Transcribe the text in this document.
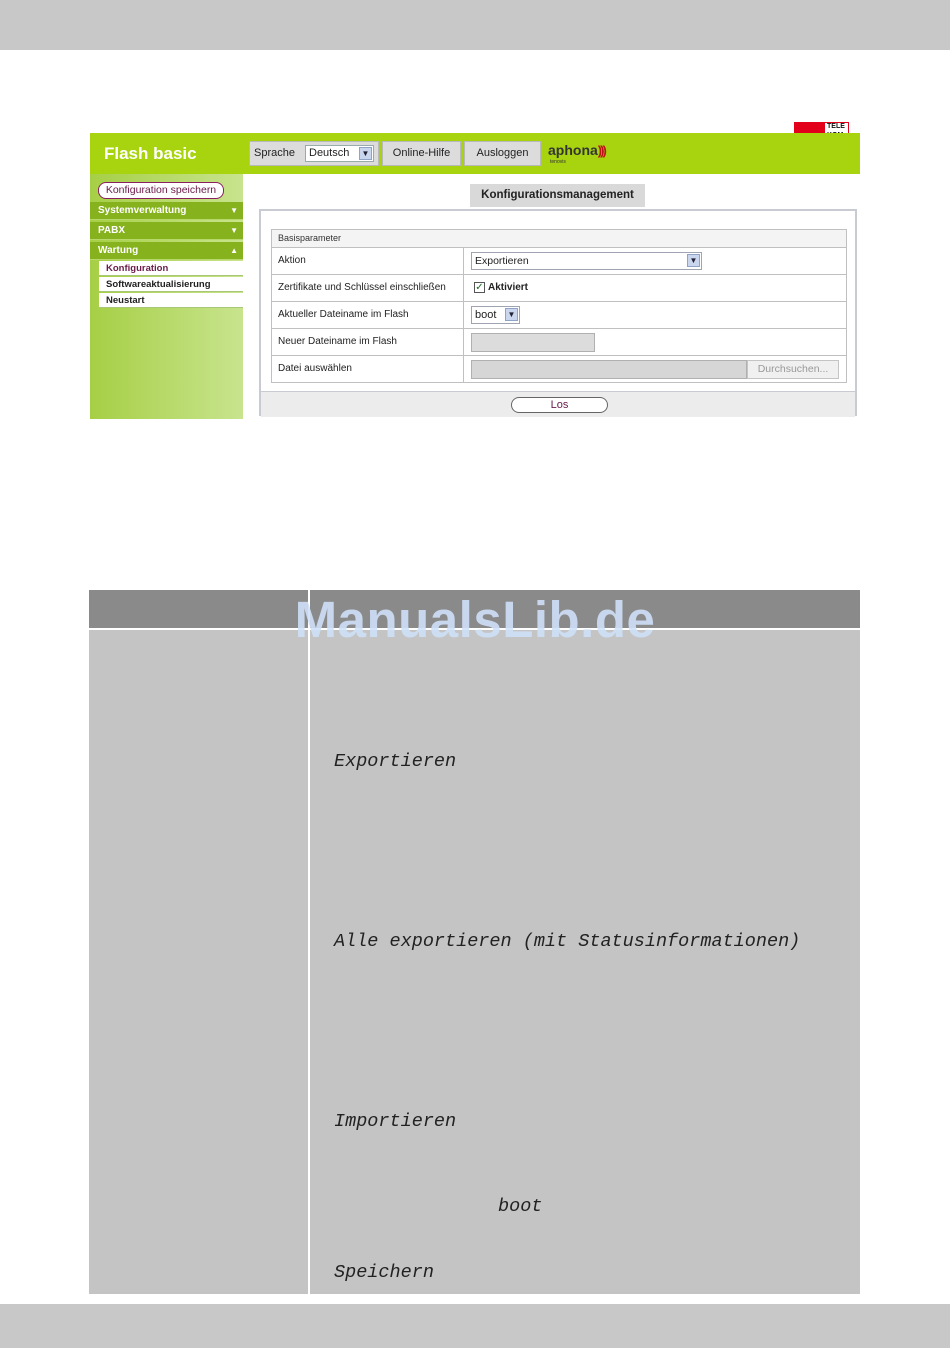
TELE
Flash basic	Sprache	Deutsch	▼	Online-Hilfe	Ausloggen	aphona)))
tenovis
Konfiguration speichern
Systemverwaltung	▼
PABX	▼
Wartung	▲
Konfiguration
Softwareaktualisierung
Neustart
Konfigurationsmanagement
Basisparameter
Aktion	Exportieren	▼
Zertifikate und Schlüssel einschließen	✓ Aktiviert
Aktueller Dateiname im Flash	boot	▼
Neuer Dateiname im Flash
Datei auswählen	Durchsuchen...
Los
ManualsLib.de
Exportieren
Alle exportieren (mit Statusinformationen)
Importieren
boot
Speichern
